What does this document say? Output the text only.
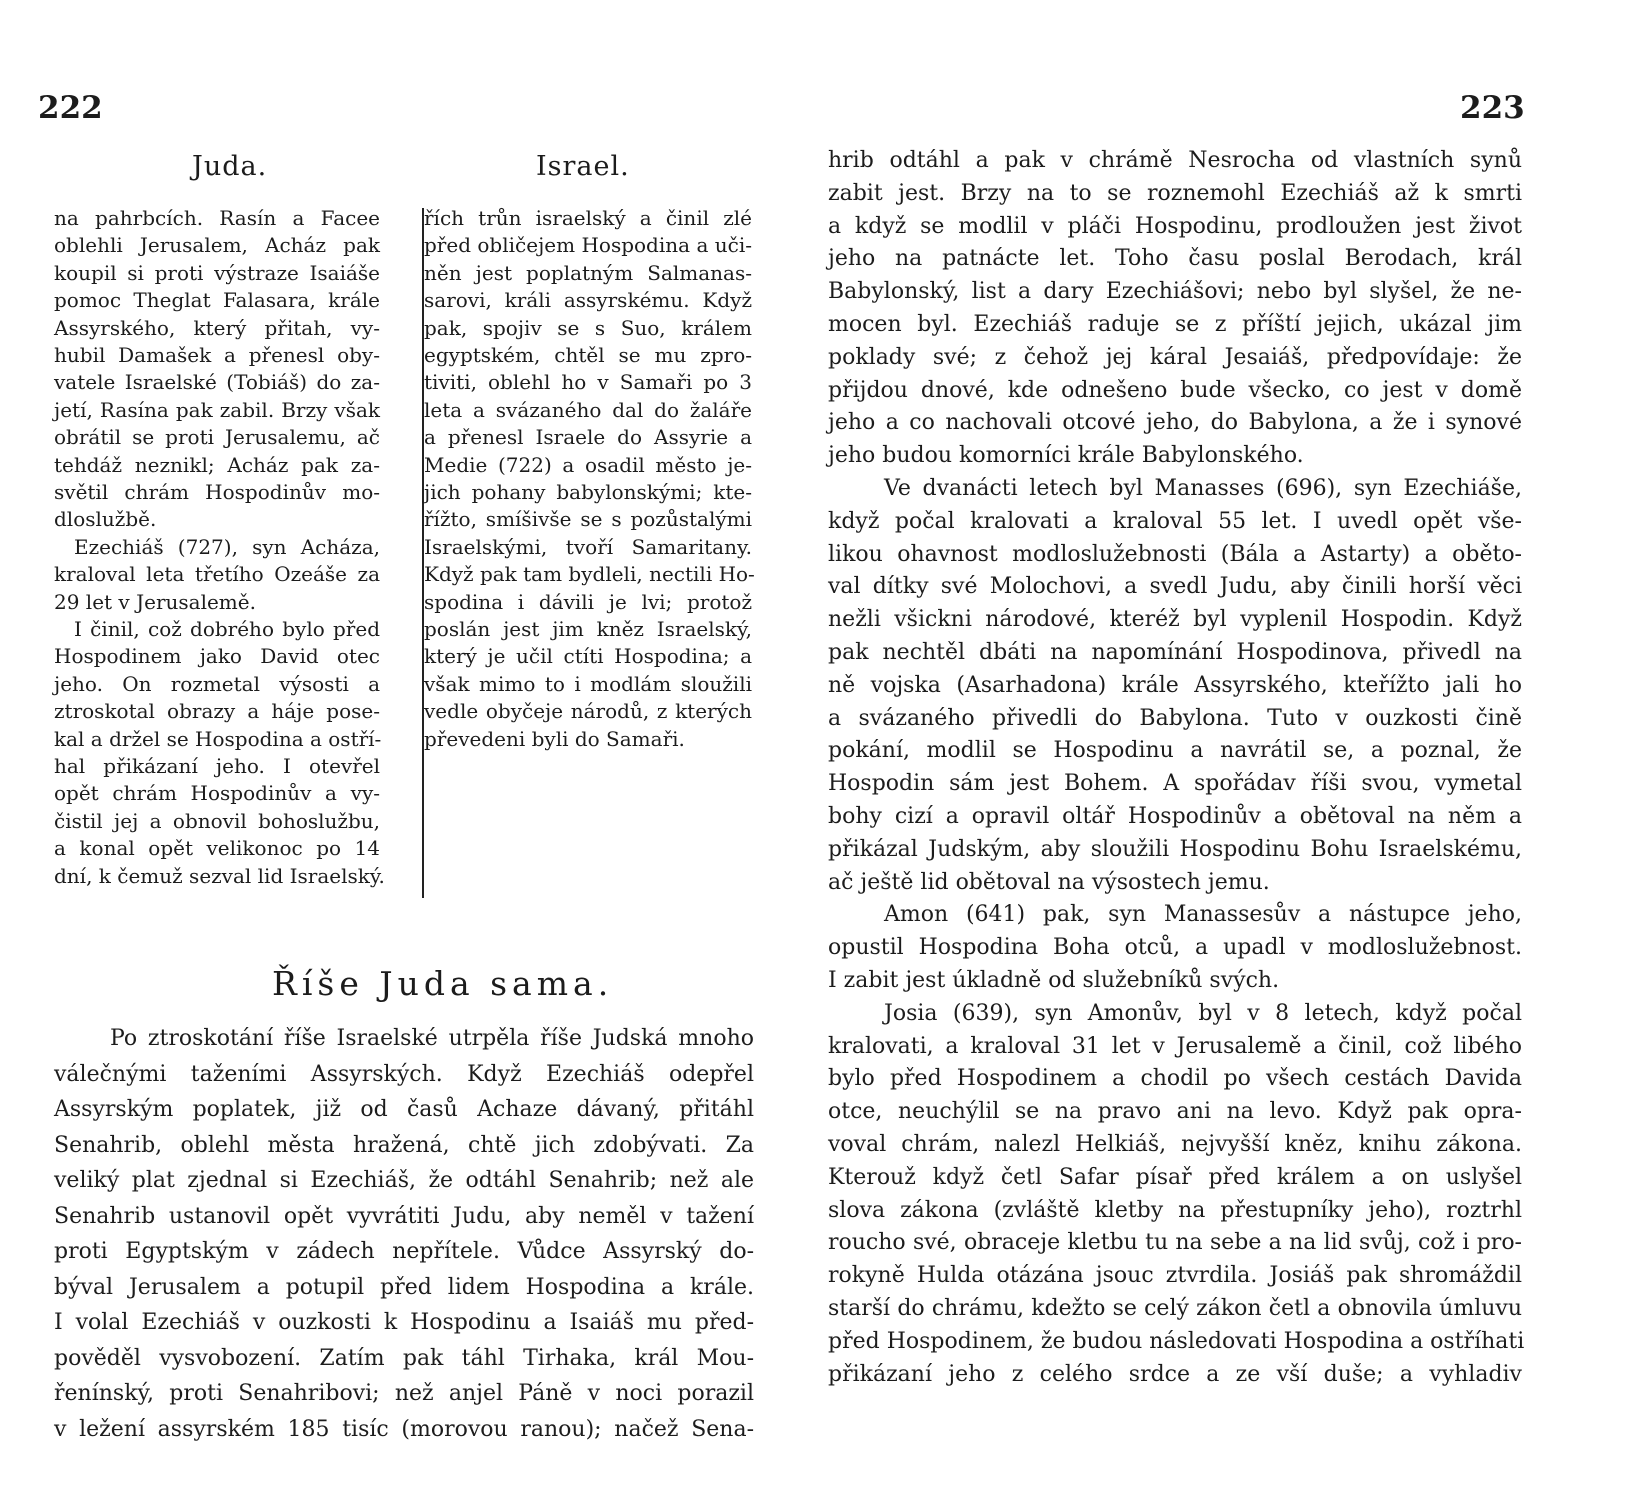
222	223
Juda.	Israel.
na pahrbcích. Rasín a Facee
oblehli Jerusalem, Acház pak
koupil si proti výstraze Isaiáše
pomoc Theglat Falasara, krále
Assyrského, který přitah, vy-
hubil Damašek a přenesl oby-
vatele Israelské (Tobiáš) do za-
jetí, Rasína pak zabil. Brzy však
obrátil se proti Jerusalemu, ač
tehdáž neznikl; Acház pak za-
světil chrám Hospodinův mo-
dloslužbě.
Ezechiáš (727), syn Acháza,
kraloval leta třetího Ozeáše za
29 let v Jerusalemě.
I činil, což dobrého bylo před
Hospodinem jako David otec
jeho. On rozmetal výsosti a
ztroskotal obrazy a háje pose-
kal a držel se Hospodina a ostří-
hal přikázaní jeho. I otevřel
opět chrám Hospodinův a vy-
čistil jej a obnovil bohoslužbu,
a konal opět velikonoc po 14
dní, k čemuž sezval lid Israelský.
řích trůn israelský a činil zlé
před obličejem Hospodina a uči-
něn jest poplatným Salmanas-
sarovi, králi assyrskému. Když
pak, spojiv se s Suo, králem
egyptském, chtěl se mu zpro-
tiviti, oblehl ho v Samaři po 3
leta a svázaného dal do žaláře
a přenesl Israele do Assyrie a
Medie (722) a osadil město je-
jich pohany babylonskými; kte-
řížto, smíšivše se s pozůstalými
Israelskými, tvoří Samaritany.
Když pak tam bydleli, nectili Ho-
spodina i dávili je lvi; protož
poslán jest jim kněz Israelský,
který je učil ctíti Hospodina; a
však mimo to i modlám sloužili
vedle obyčeje národů, z kterých
převedeni byli do Samaři.
Říše Juda sama.
Po ztroskotání říše Israelské utrpěla říše Judská mnoho
válečnými taženími Assyrských. Když Ezechiáš odepřel
Assyrským poplatek, již od časů Achaze dávaný, přitáhl
Senahrib, oblehl města hražená, chtě jich zdobývati. Za
veliký plat zjednal si Ezechiáš, že odtáhl Senahrib; než ale
Senahrib ustanovil opět vyvrátiti Judu, aby neměl v tažení
proti Egyptským v zádech nepřítele. Vůdce Assyrský do-
býval Jerusalem a potupil před lidem Hospodina a krále.
I volal Ezechiáš v ouzkosti k Hospodinu a Isaiáš mu před-
pověděl vysvobození. Zatím pak táhl Tirhaka, král Mou-
řenínský, proti Senahribovi; než anjel Páně v noci porazil
v ležení assyrském 185 tisíc (morovou ranou); načež Sena-
hrib odtáhl a pak v chrámě Nesrocha od vlastních synů
zabit jest. Brzy na to se roznemohl Ezechiáš až k smrti
a když se modlil v pláči Hospodinu, prodloužen jest život
jeho na patnácte let. Toho času poslal Berodach, král
Babylonský, list a dary Ezechiášovi; nebo byl slyšel, že ne-
mocen byl. Ezechiáš raduje se z příští jejich, ukázal jim
poklady své; z čehož jej káral Jesaiáš, předpovídaje: že
přijdou dnové, kde odnešeno bude všecko, co jest v domě
jeho a co nachovali otcové jeho, do Babylona, a že i synové
jeho budou komorníci krále Babylonského.
Ve dvanácti letech byl Manasses (696), syn Ezechiáše,
když počal kralovati a kraloval 55 let. I uvedl opět vše-
likou ohavnost modloslužebnosti (Bála a Astarty) a oběto-
val dítky své Molochovi, a svedl Judu, aby činili horší věci
nežli všickni národové, kteréž byl vyplenil Hospodin. Když
pak nechtěl dbáti na napomínání Hospodinova, přivedl na
ně vojska (Asarhadona) krále Assyrského, kteřížto jali ho
a svázaného přivedli do Babylona. Tuto v ouzkosti čině
pokání, modlil se Hospodinu a navrátil se, a poznal, že
Hospodin sám jest Bohem. A spořádav říši svou, vymetal
bohy cizí a opravil oltář Hospodinův a obětoval na něm a
přikázal Judským, aby sloužili Hospodinu Bohu Israelskému,
ač ještě lid obětoval na výsostech jemu.
Amon (641) pak, syn Manassesův a nástupce jeho,
opustil Hospodina Boha otců, a upadl v modloslužebnost.
I zabit jest úkladně od služebníků svých.
Josia (639), syn Amonův, byl v 8 letech, když počal
kralovati, a kraloval 31 let v Jerusalemě a činil, což libého
bylo před Hospodinem a chodil po všech cestách Davida
otce, neuchýlil se na pravo ani na levo. Když pak opra-
voval chrám, nalezl Helkiáš, nejvyšší kněz, knihu zákona.
Kterouž když četl Safar písař před králem a on uslyšel
slova zákona (zvláště kletby na přestupníky jeho), roztrhl
roucho své, obraceje kletbu tu na sebe a na lid svůj, což i pro-
rokyně Hulda otázána jsouc ztvrdila. Josiáš pak shromáždil
starší do chrámu, kdežto se celý zákon četl a obnovila úmluvu
před Hospodinem, že budou následovati Hospodina a ostříhati
přikázaní jeho z celého srdce a ze vší duše; a vyhladiv
